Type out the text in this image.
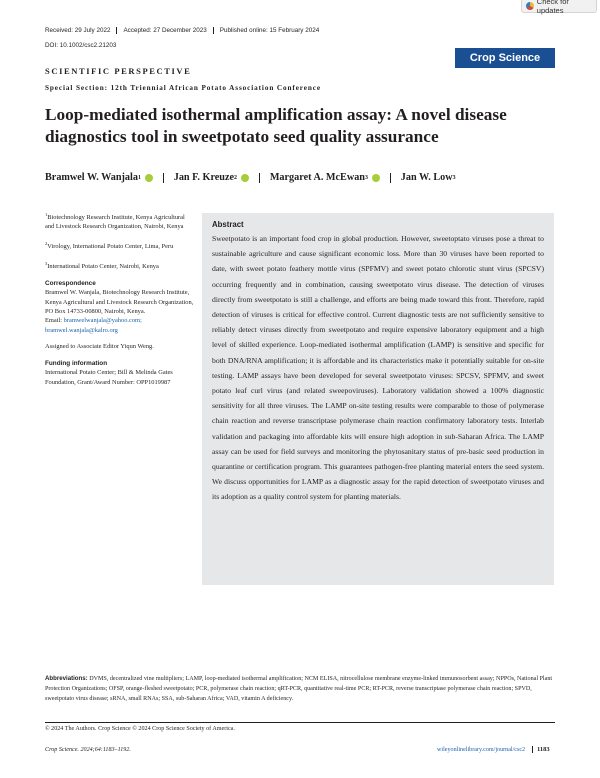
Check for updates
Received: 29 July 2022	Accepted: 27 December 2023	Published online: 15 February 2024
DOI: 10.1002/csc2.21203
SCIENTIFIC PERSPECTIVE
Special Section: 12th Triennial African Potato Association Conference
Crop Science
Loop-mediated isothermal amplification assay: A novel disease diagnostics tool in sweetpotato seed quality assurance
Bramwel W. Wanjala 1	Jan F. Kreuze 2	Margaret A. McEwan 3	Jan W. Low 3

$^1$Biotechnology Research Institute, Kenya Agricultural and Livestock Research Organization, Nairobi, Kenya

$^2$Virology, International Potato Center, Lima, Peru

$^3$International Potato Center, Nairobi, Kenya

Correspondence

Bramwel W. Wanjala, Biotechnology Research Institute, Kenya Agricultural and Livestock Research Organization, PO Box 14733-00800, Nairobi, Kenya.
Email: bramwelwanjala@yahoo.com;
bramwel.wanjala@kalro.org

Assigned to Associate Editor Yiqun Weng.

Funding information

International Potato Center; Bill & Melinda Gates Foundation, Grant/Award Number: OPP1019987

Abstract
Sweetpotato is an important food crop in global production. However, sweetoptato viruses pose a threat to sustainable agriculture and cause significant economic loss. More than 30 viruses have been reported to date, with sweet potato feathery mottle virus (SPFMV) and sweet potato chlorotic stunt virus (SPCSV) occurring frequently and in combination, causing sweetpotato virus disease. The detection of viruses directly from sweetpotato is still a challenge, and efforts are being made toward this front. Therefore, rapid detection of viruses is critical for effective control. Current diagnostic tests are not sufficiently sensitive to reliably detect viruses directly from sweetpotato and require expensive laboratory equipment and a high level of skilled experience. Loop-mediated isothermal amplification (LAMP) is sensitive and specific for both DNA/RNA amplification; it is affordable and its characteristics make it potentially suitable for on-site testing. LAMP assays have been developed for several sweetpotato viruses: SPCSV, SPFMV, and sweet potato leaf curl virus (and related sweepoviruses). Laboratory validation showed a 100% diagnostic sensitivity for all three viruses. The LAMP on-site testing results were comparable to those of polymerase chain reaction and reverse transcriptase polymerase chain reaction confirmatory laboratory tests. Interlab validation and packaging into affordable kits will ensure high adoption in sub-Saharan Africa. The LAMP assay can be used for field surveys and monitoring the phytosanitary status of pre-basic seed production in quarantine or certification program. This guarantees pathogen-free planting material enters the seed system. We discuss opportunities for LAMP as a diagnostic assay for the rapid detection of sweetpotato viruses and its adoption as a quality control system for planting materials.
Abbreviations: DVMS, decentralized vine multipliers; LAMP, loop-mediated isothermal amplification; NCM ELISA, nitrocellulose membrane enzyme-linked immunosorbent assay; NPPOs, National Plant Protection Organizations; OFSP, orange-fleshed sweetpotato; PCR, polymerase chain reaction; qRT-PCR, quantitative real-time PCR; RT-PCR, reverse transcriptase polymerase chain reaction; SPVD, sweetpotato virus disease; sRNA, small RNAs; SSA, sub-Saharan Africa; VAD, vitamin A deficiency.
© 2024 The Authors. Crop Science © 2024 Crop Science Society of America.
Crop Science. 2024;64:1183–1192.	wileyonlinelibrary.com/journal/csc2	1183
